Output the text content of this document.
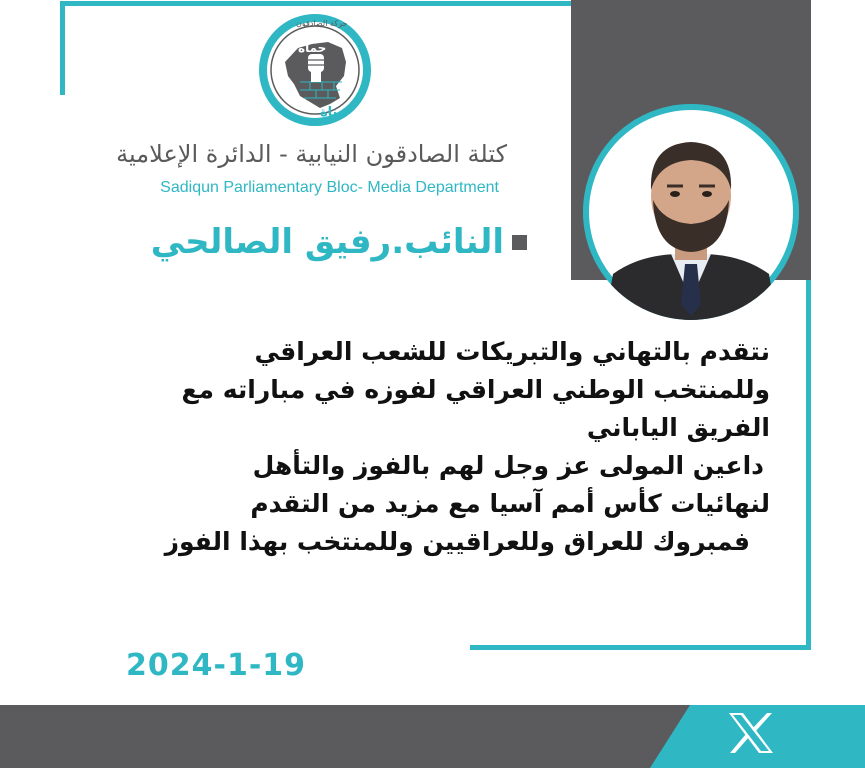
حماة
بناة
حركة الصادقون
كتلة الصادقون النيابية - الدائرة الإعلامية
Sadiqun Parliamentary Bloc- Media Department
النائب.رفيق الصالحي
نتقدم بالتهاني والتبريكات للشعب العراقي
وللمنتخب الوطني العراقي لفوزه في مباراته مع
الفريق الياباني
داعين المولى عز وجل لهم بالفوز والتأهل
لنهائيات كأس أمم آسيا مع مزيد من التقدم
فمبروك للعراق وللعراقيين وللمنتخب بهذا الفوز
2024-1-19
